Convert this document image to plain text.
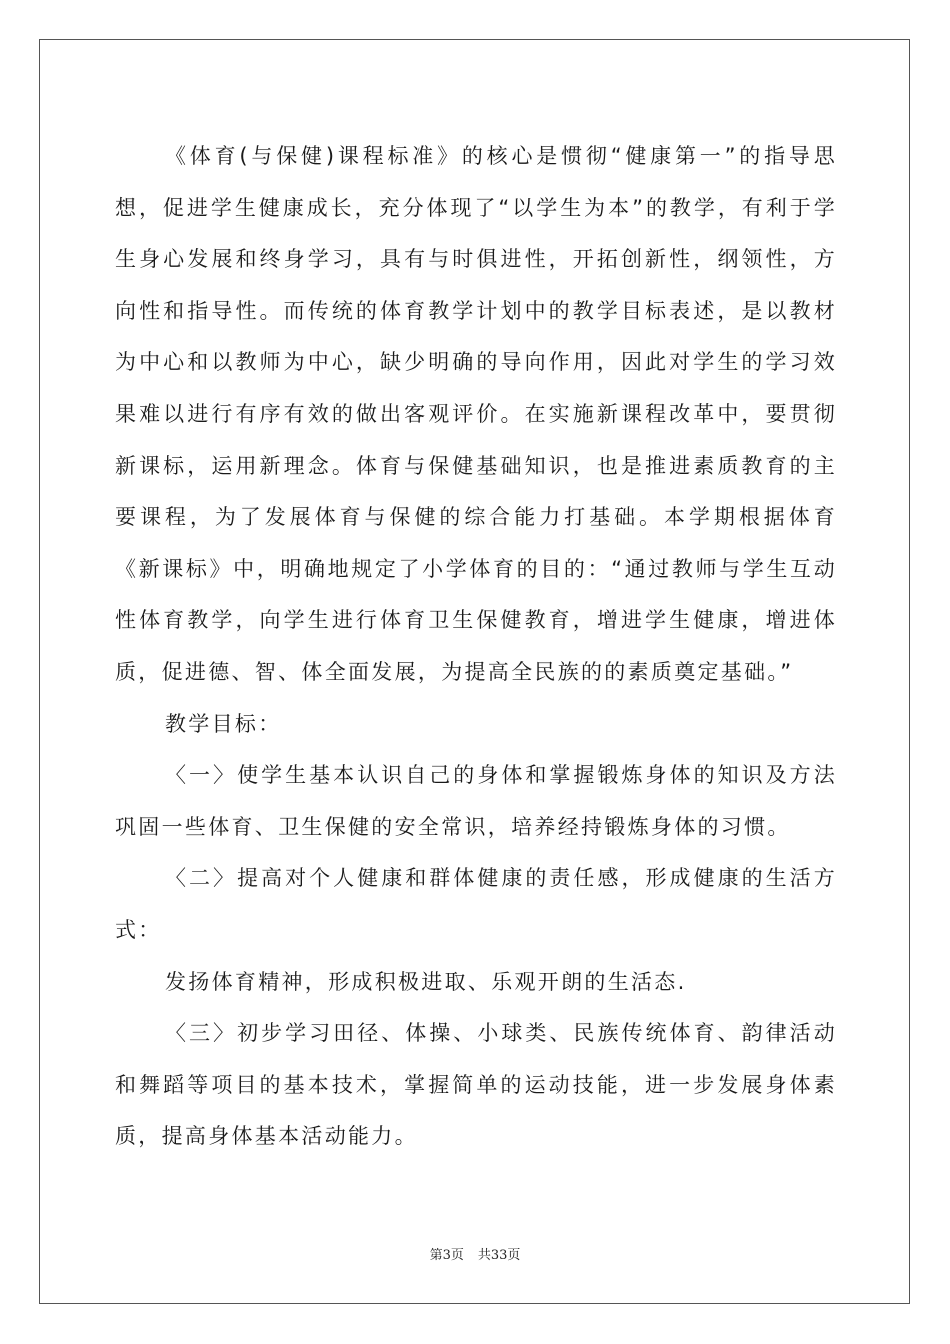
《体育(与保健)课程标准》的核心是惯彻“健康第一”的指导思想，促进学生健康成长，充分体现了“以学生为本”的教学，有利于学生身心发展和终身学习，具有与时俱进性，开拓创新性，纲领性，方向性和指导性。而传统的体育教学计划中的教学目标表述，是以教材为中心和以教师为中心，缺少明确的导向作用，因此对学生的学习效果难以进行有序有效的做出客观评价。在实施新课程改革中，要贯彻新课标，运用新理念。体育与保健基础知识，也是推进素质教育的主要课程，为了发展体育与保健的综合能力打基础。本学期根据体育《新课标》中，明确地规定了小学体育的目的：“通过教师与学生互动性体育教学，向学生进行体育卫生保健教育，增进学生健康，增进体质，促进德、智、体全面发展，为提高全民族的的素质奠定基础。”

教学目标：

〈一〉使学生基本认识自己的身体和掌握锻炼身体的知识及方法巩固一些体育、卫生保健的安全常识，培养经持锻炼身体的习惯。

〈二〉提高对个人健康和群体健康的责任感，形成健康的生活方式：

发扬体育精神，形成积极进取、乐观开朗的生活态.

〈三〉初步学习田径、体操、小球类、民族传统体育、韵律活动和舞蹈等项目的基本技术，掌握简单的运动技能，进一步发展身体素质，提高身体基本活动能力。

第3页 共33页
